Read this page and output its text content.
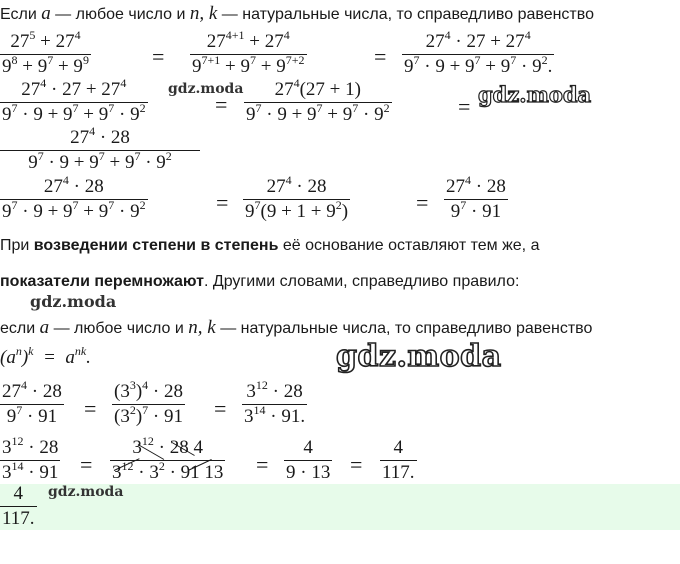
Если a — любое число и n, k — натуральные числа, то справедливо равенство
$27^5 + 27^4$
$9^8 + 9^7 + 9^9$	=
$27^{4+1} + 27^4$
$9^{7+1} + 9^7 + 9^{7+2}$	=
$27^4 \cdot 27 + 27^4$
$9^7 \cdot 9 + 9^7 + 9^7 \cdot 9^2$.
$27^4 \cdot 27 + 27^4$
$9^7 \cdot 9 + 9^7 + 9^7 \cdot 9^2$	=
$27^4(27 + 1)$
$9^7 \cdot 9 + 9^7 + 9^7 \cdot 9^2$	=
$27^4 \cdot 28$
$9^7 \cdot 9 + 9^7 + 9^7 \cdot 9^2$
$27^4 \cdot 28$
$9^7 \cdot 9 + 9^7 + 9^7 \cdot 9^2$	=
$27^4 \cdot 28$
$9^7(9 + 1 + 9^2)$	=
$27^4 \cdot 28$
$9^7 \cdot 91$
При возведении степени в степень её основание оставляют тем же, а
показатели перемножают. Другими словами, справедливо правило:
если a — любое число и n, k — натуральные числа, то справедливо равенство
$(a^n)^k = a^{nk}$.
$27^4 \cdot 28$
$9^7 \cdot 91$	=
$(3^3)^4 \cdot 28$
$(3^2)^7 \cdot 91$ =
$3^{12} \cdot 28$
$3^{14} \cdot 91$.
$3^{12} \cdot 28$
$3^{14} \cdot 91$ =
$3^{12} \cdot 28$ 4
$3^{12} \cdot 3^2 \cdot 91$ 13 =
4
9 · 13 =
4
117.
4
117.
gdz.moda	gdz.moda
gdz.moda
gdz.moda
gdz.moda
